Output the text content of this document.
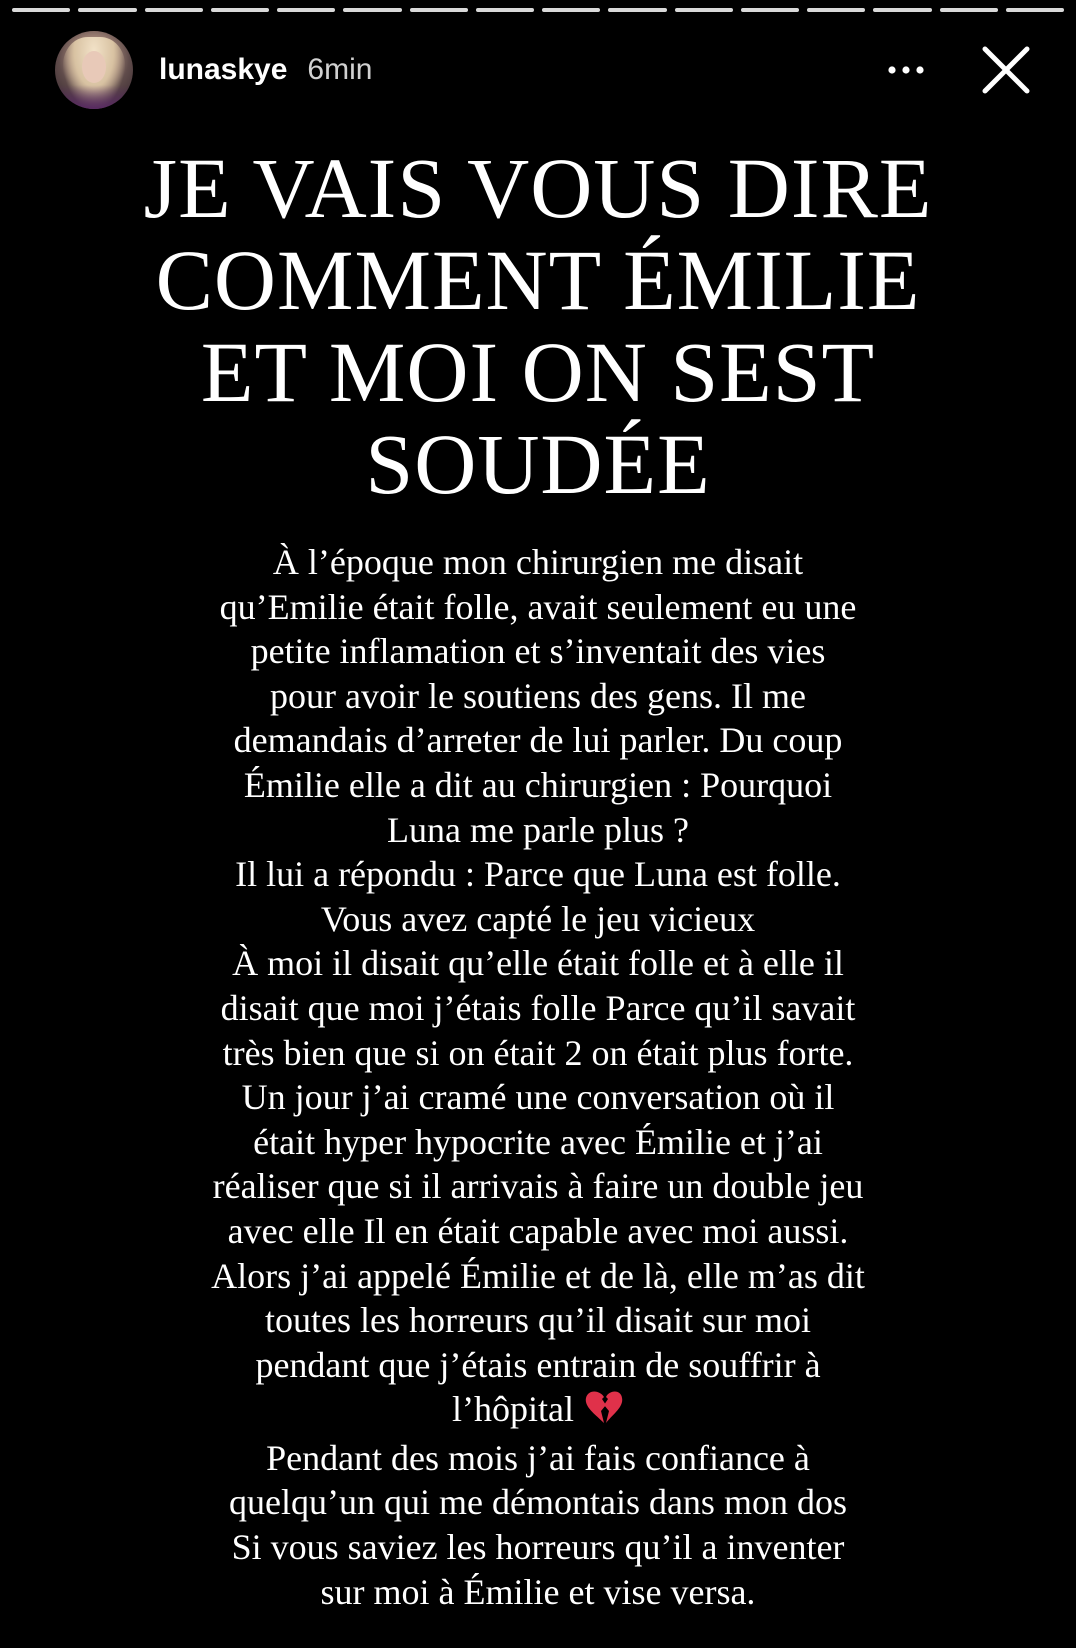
lunaskye 6min
JE VAIS VOUS DIRE
COMMENT ÉMILIE
ET MOI ON SEST
SOUDÉE
À l’époque mon chirurgien me disait
qu’Emilie était folle, avait seulement eu une
petite inflamation et s’inventait des vies
pour avoir le soutiens des gens. Il me
demandais d’arreter de lui parler. Du coup
Émilie elle a dit au chirurgien : Pourquoi
Luna me parle plus ?
Il lui a répondu : Parce que Luna est folle.
Vous avez capté le jeu vicieux
À moi il disait qu’elle était folle et à elle il
disait que moi j’étais folle Parce qu’il savait
très bien que si on était 2 on était plus forte.
Un jour j’ai cramé une conversation où il
était hyper hypocrite avec Émilie et j’ai
réaliser que si il arrivais à faire un double jeu
avec elle Il en était capable avec moi aussi.
Alors j’ai appelé Émilie et de là, elle m’as dit
toutes les horreurs qu’il disait sur moi
pendant que j’étais entrain de souffrir à
l’hôpital
Pendant des mois j’ai fais confiance à
quelqu’un qui me démontais dans mon dos
Si vous saviez les horreurs qu’il a inventer
sur moi à Émilie et vise versa.
